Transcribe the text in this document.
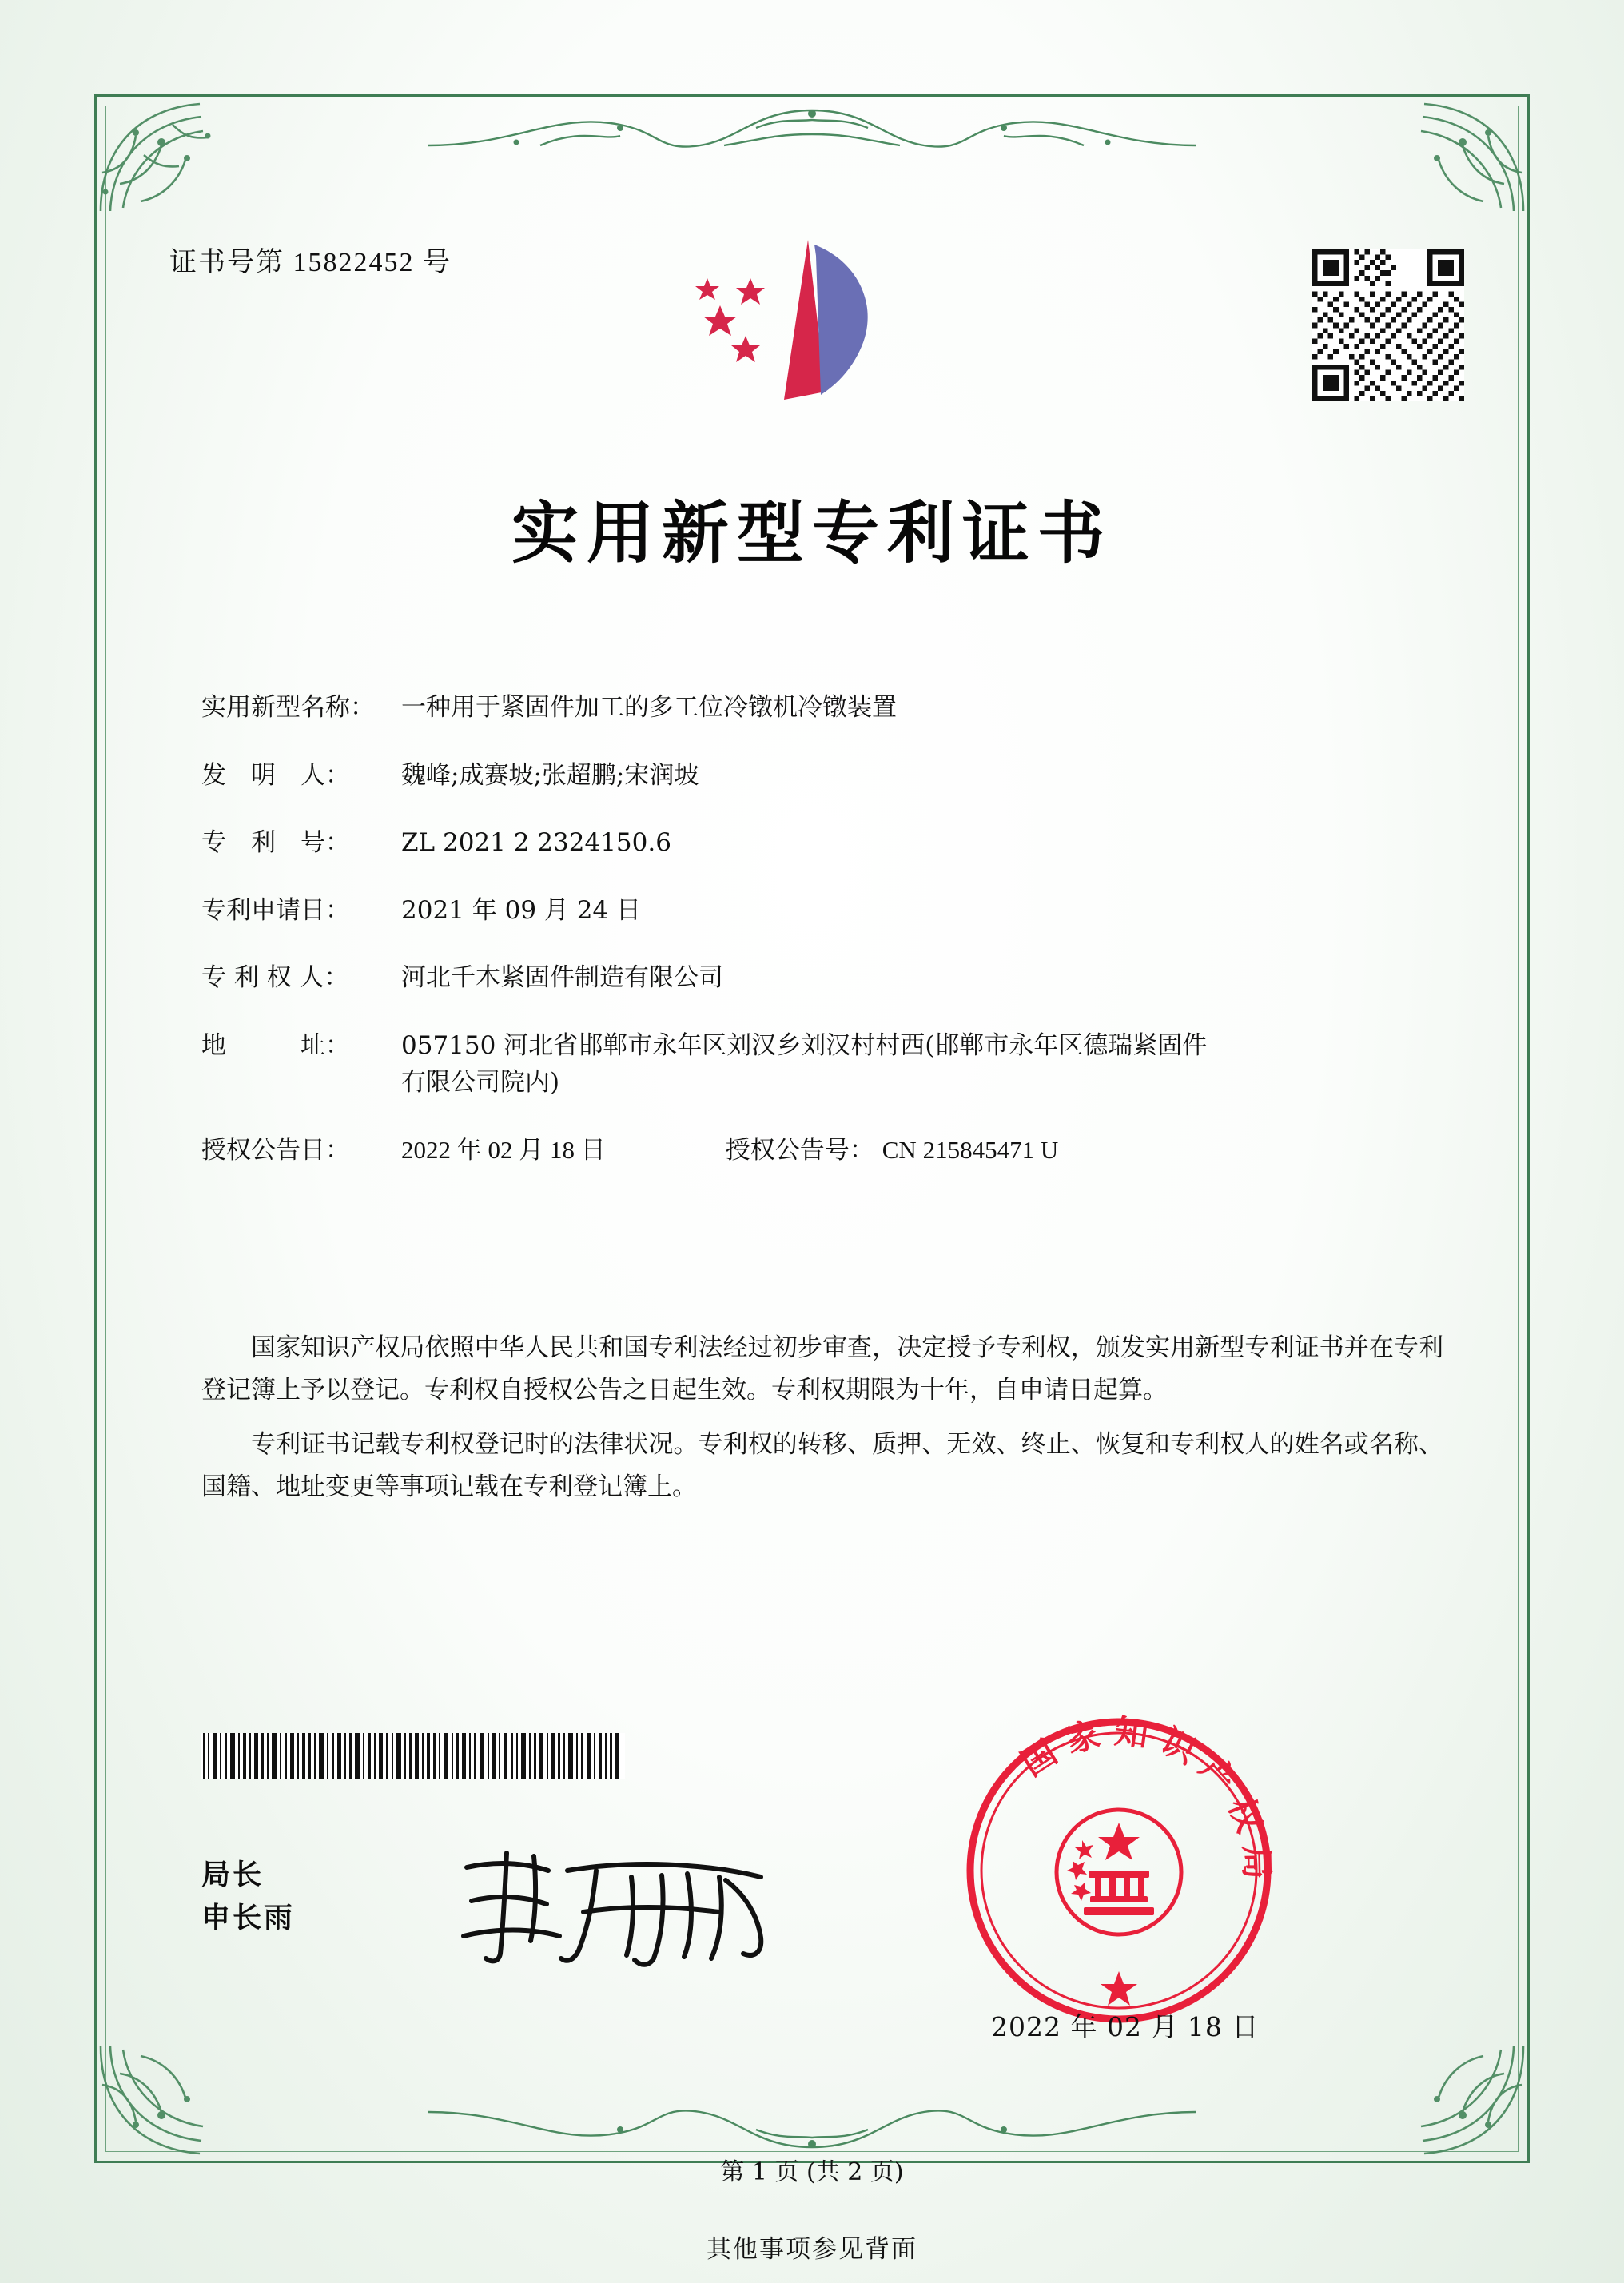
证书号第 15822452 号
实用新型专利证书
实用新型名称：	一种用于紧固件加工的多工位冷镦机冷镦装置
发　明　人：	魏峰;成赛坡;张超鹏;宋润坡
专　利　号：	ZL 2021 2 2324150.6
专利申请日：	2021 年 09 月 24 日
专 利 权 人：	河北千木紧固件制造有限公司
地　　　址：	057150 河北省邯郸市永年区刘汉乡刘汉村村西(邯郸市永年区德瑞紧固件有限公司院内)
授权公告日：	2022 年 02 月 18 日	授权公告号： CN 215845471 U

国家知识产权局依照中华人民共和国专利法经过初步审查，决定授予专利权，颁发实用新型专利证书并在专利登记簿上予以登记。专利权自授权公告之日起生效。专利权期限为十年，自申请日起算。

专利证书记载专利权登记时的法律状况。专利权的转移、质押、无效、终止、恢复和专利权人的姓名或名称、国籍、地址变更等事项记载在专利登记簿上。

局长
申长雨
国家知识产权局
2022 年 02 月 18 日
第 1 页 (共 2 页)
其他事项参见背面
